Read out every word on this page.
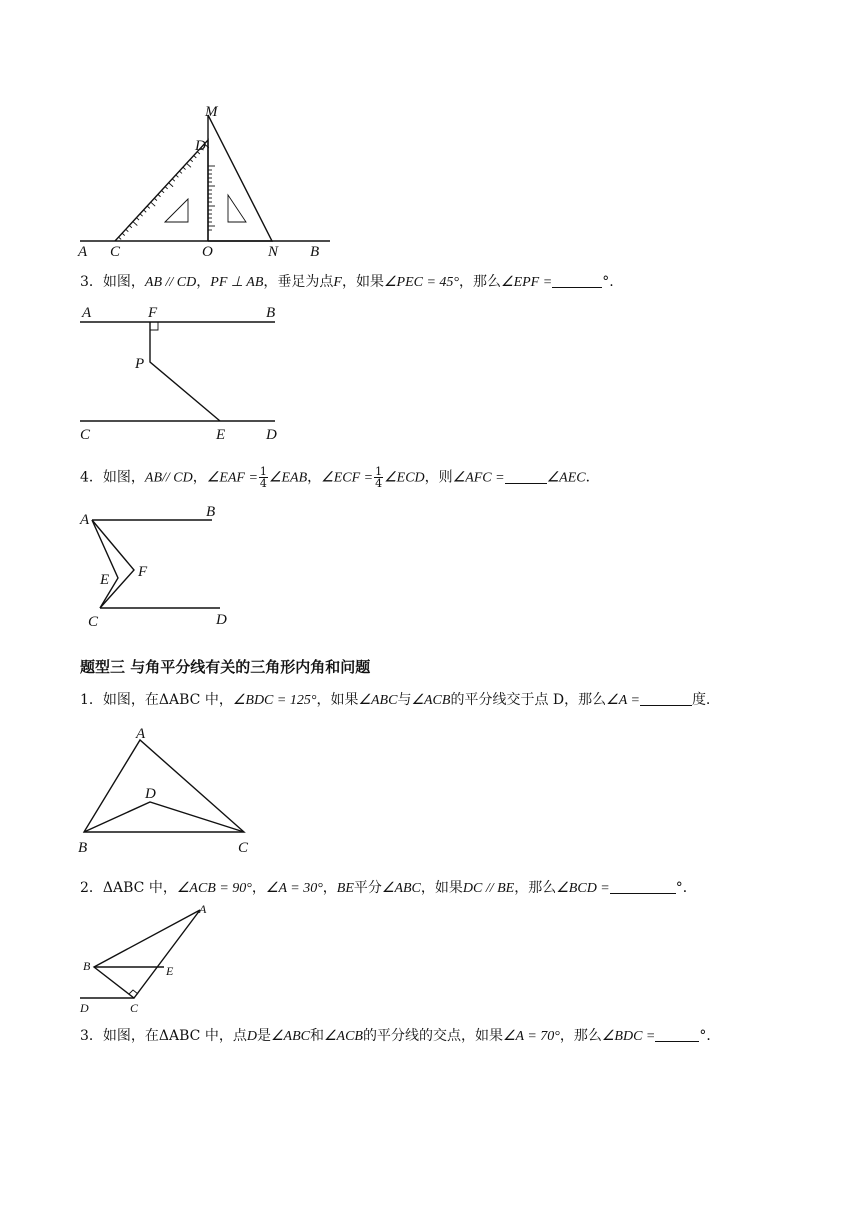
M
D
A C	O	N B
3．如图，AB // CD，PF ⊥ AB，垂足为点F，如果∠PEC = 45°，那么∠EPF =	°.
A	F	B
P
C	E	D
4．如图，AB// CD，∠EAF = $\frac{1}{4}$ ∠EAB，∠ECF = $\frac{1}{4}$ ∠ECD，则∠AFC =	∠AEC．
A	B
E F
C	D
题型三 与角平分线有关的三角形内角和问题
1．如图，在ΔABC 中，∠BDC = 125°，如果∠ABC与∠ACB的平分线交于点 D，那么∠A =	度.
A
D
B	C
2．ΔABC 中，∠ACB = 90°，∠A = 30°，BE平分∠ABC，如果DC // BE，那么∠BCD =	°．
A
B	E
D	C
3．如图，在ΔABC 中，点D是∠ABC和∠ACB的平分线的交点，如果∠A = 70°，那么∠BDC =	°．
